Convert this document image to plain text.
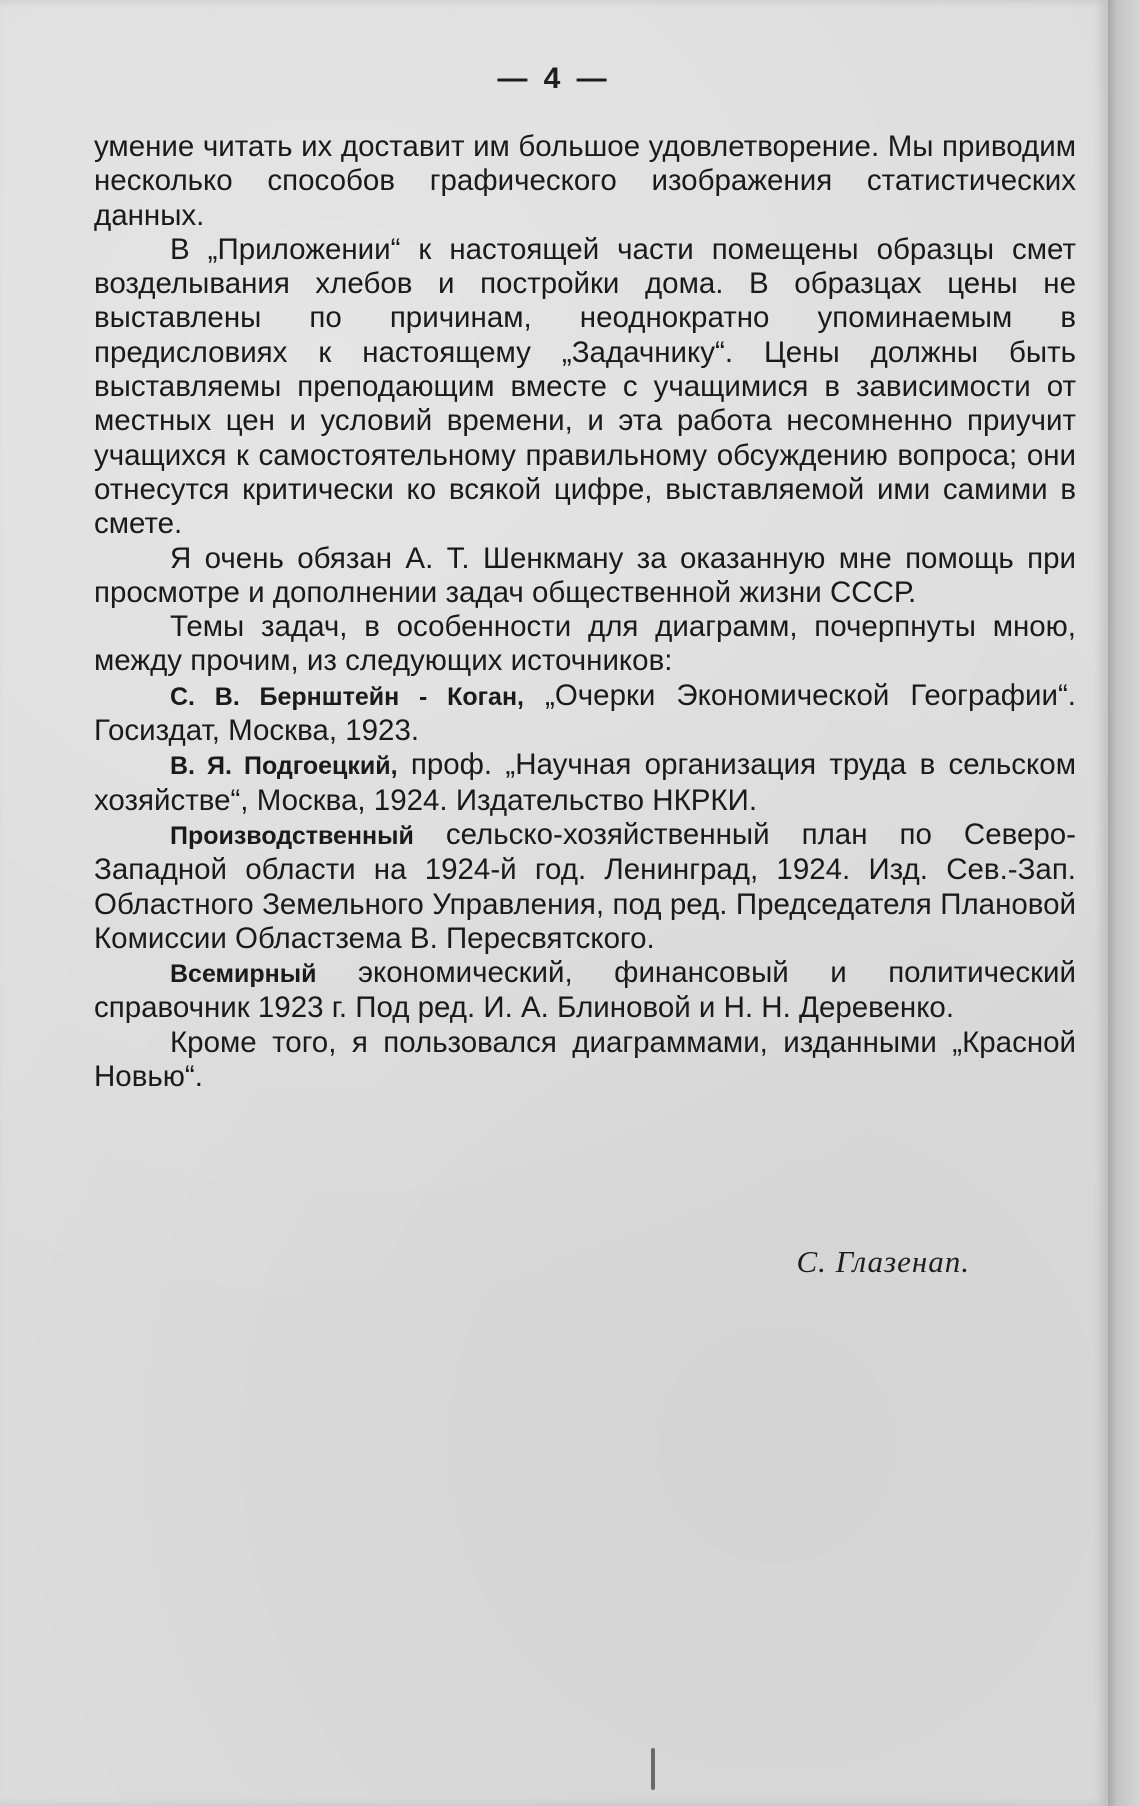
— 4 —

умение читать их доставит им большое удовлетворение. Мы приводим несколько способов графического изображения статистических данных.

В „Приложении“ к настоящей части помещены образцы смет возделывания хлебов и постройки дома. В образцах цены не выставлены по причинам, неоднократно упоминаемым в предисловиях к настоящему „Задачнику“. Цены должны быть выставляемы преподающим вместе с учащимися в зависимости от местных цен и условий времени, и эта работа несомненно приучит учащихся к самостоятельному правильному обсуждению вопроса; они отнесутся критически ко всякой цифре, выставляемой ими самими в смете.

Я очень обязан А. Т. Шенкману за оказанную мне помощь при просмотре и дополнении задач общественной жизни СССР.

Темы задач, в особенности для диаграмм, почерпнуты мною, между прочим, из следующих источников:

С. В. Бернштейн - Коган, „Очерки Экономической Географии“. Госиздат, Москва, 1923.

В. Я. Подгоецкий, проф. „Научная организация труда в сельском хозяйстве“, Москва, 1924. Издательство НКРКИ.

Производственный сельско-хозяйственный план по Северо-Западной области на 1924-й год. Ленинград, 1924. Изд. Сев.-Зап. Областного Земельного Управления, под ред. Председателя Плановой Комиссии Областзема В. Пересвятского.

Всемирный экономический, финансовый и политический справочник 1923 г. Под ред. И. А. Блиновой и Н. Н. Деревенко.

Кроме того, я пользовался диаграммами, изданными „Красной Новью“.

С. Глазенап.
